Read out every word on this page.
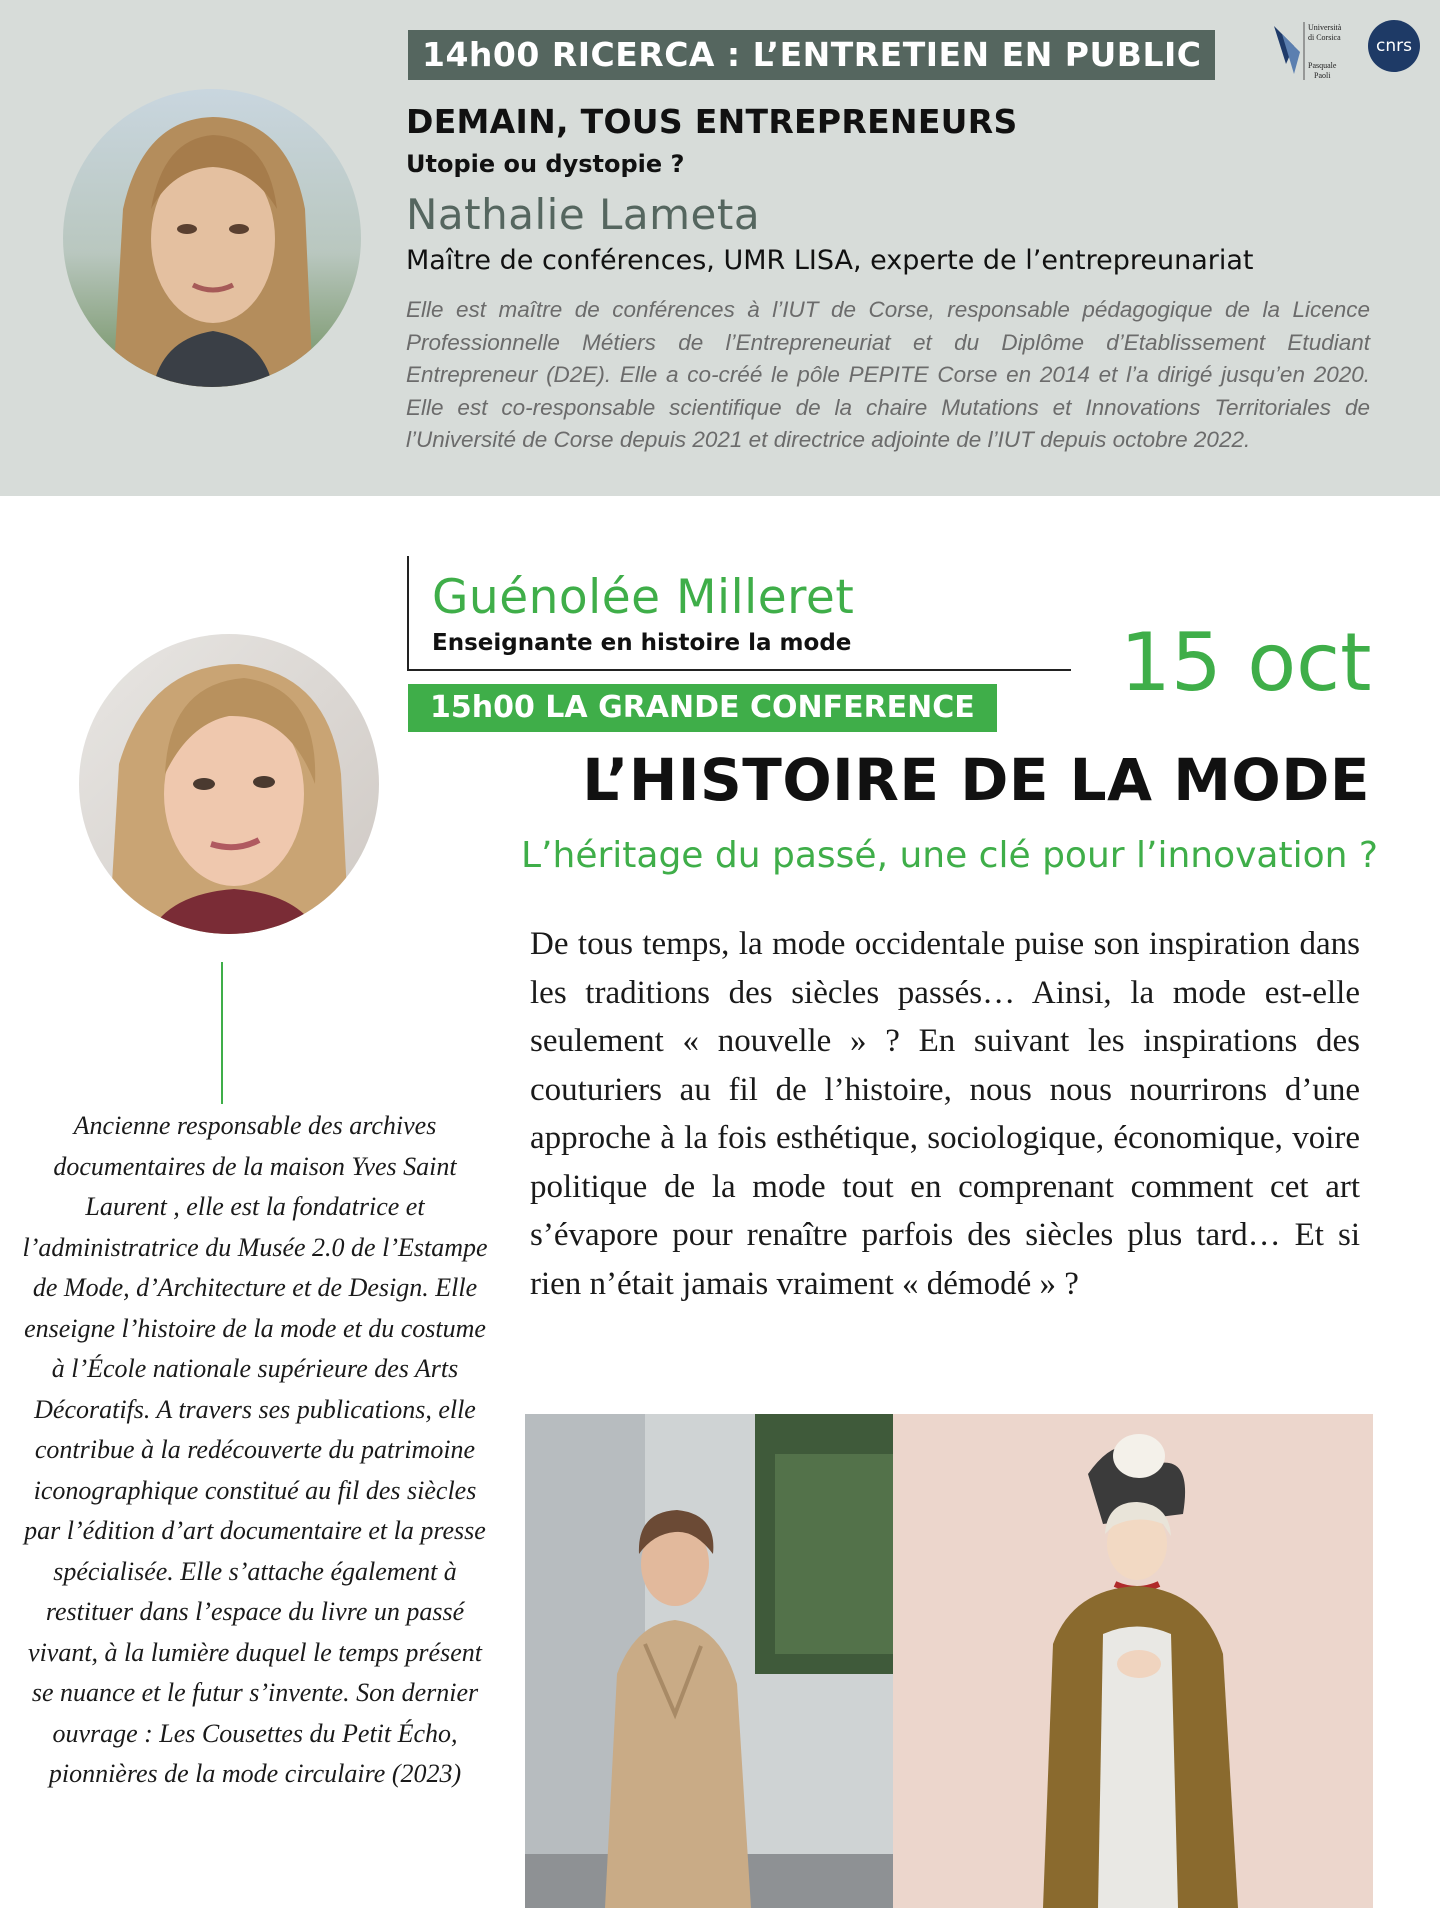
14h00 RICERCA : L’ENTRETIEN EN PUBLIC
Università
di Corsica
Pasquale
Paoli
cnrs
DEMAIN, TOUS ENTREPRENEURS
Utopie ou dystopie ?
Nathalie Lameta
Maître de conférences, UMR LISA, experte de l’entrepreunariat
Elle est maître de conférences à l’IUT de Corse, responsable pédagogique de la Licence Professionnelle Métiers de l’Entrepreneuriat et du Diplôme d’Etablissement Etudiant Entrepreneur (D2E). Elle a co-créé le pôle PEPITE Corse en 2014 et l’a dirigé jusqu’en 2020. Elle est co-responsable scientifique de la chaire Mutations et Innovations Territoriales de l’Université de Corse depuis 2021 et directrice adjointe de l’IUT depuis octobre 2022.
Guénolée Milleret
Enseignante en histoire la mode	15 oct
15h00 LA GRANDE CONFERENCE
L’HISTOIRE DE LA MODE
L’héritage du passé, une clé pour l’innovation ?
Ancienne responsable des archives documentaires de la maison Yves Saint Laurent , elle est la fondatrice et l’administratrice du Musée 2.0 de l’Estampe de Mode, d’Architecture et de Design. Elle enseigne l’histoire de la mode et du costume à l’École nationale supérieure des Arts Décoratifs. A travers ses publications, elle contribue à la redécouverte du patrimoine iconographique constitué au fil des siècles par l’édition d’art documentaire et la presse spécialisée. Elle s’attache également à restituer dans l’espace du livre un passé vivant, à la lumière duquel le temps présent se nuance et le futur s’invente. Son dernier ouvrage : Les Cousettes du Petit Écho, pionnières de la mode circulaire (2023)
De tous temps, la mode occidentale puise son inspiration dans les traditions des siècles passés… Ainsi, la mode est-elle seulement « nouvelle » ? En suivant les inspirations des couturiers au fil de l’histoire, nous nous nourrirons d’une approche à la fois esthétique, sociologique, économique, voire politique de la mode tout en comprenant comment cet art s’évapore pour renaître parfois des siècles plus tard… Et si rien n’était jamais vraiment « démodé » ?
